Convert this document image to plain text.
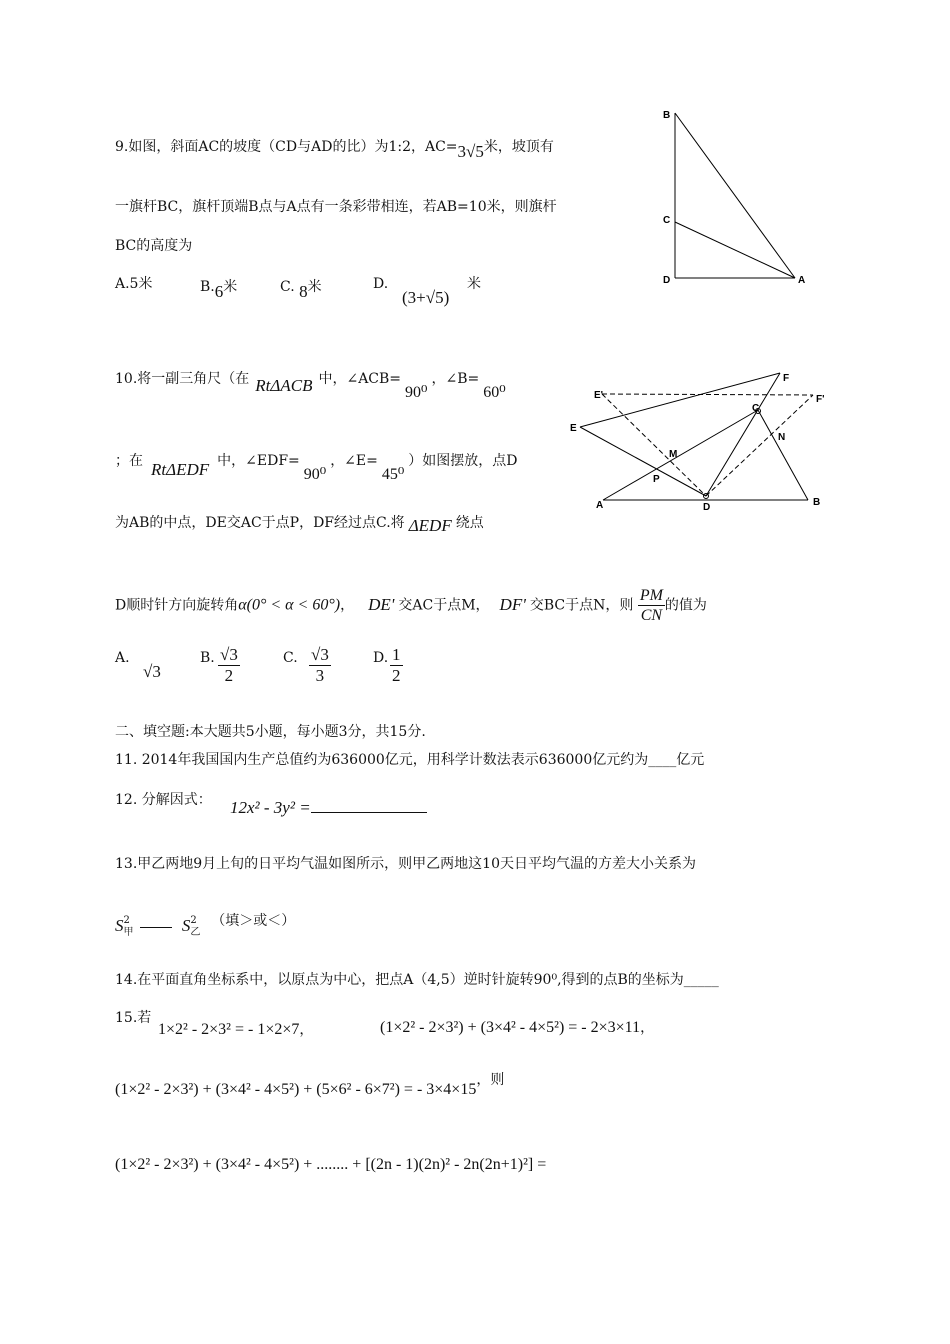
9.如图，斜面AC的坡度（CD与AD的比）为1:2，AC=3√5米，坡顶有
一旗杆BC，旗杆顶端B点与A点有一条彩带相连，若AB=10米，则旗杆
BC的高度为
A.5米	B.6米	C. 8米	D.
(3+√5)
米
B
C
D	A
10.将一副三角尺（在 RtΔACB 中，∠ACB=90⁰，∠B=60⁰
；在 RtΔEDF 中，∠EDF=90⁰，∠E=45⁰）如图摆放，点D
为AB的中点，DE交AC于点P，DF经过点C.将 ΔEDF 绕点
D顺时针方向旋转角α(0° < α < 60°)， DE' 交AC于点M， DF' 交BC于点N，则 $\frac{PM}{CN}$ 的值为
A.
√3
B. $\frac{√3}{2}$	C. $\frac{√3}{3}$	D. $\frac{1}{2}$
E'	F'
F
E
C
N
M
P
A	D	B
二、填空题:本大题共5小题，每小题3分，共15分.
11. 2014年我国国内生产总值约为636000亿元，用科学计数法表示636000亿元约为____亿元
12. 分解因式： 12x² - 3y² =
13.甲乙两地9月上旬的日平均气温如图所示，则甲乙两地这10天日平均气温的方差大小关系为
$S_甲^2$	$S_乙^2$ （填＞或＜）
14.在平面直角坐标系中，以原点为中心，把点A（4,5）逆时针旋转90⁰,得到的点B的坐标为_____
15.若
1×2² - 2×3² = - 1×2×7，	(1×2² - 2×3²) + (3×4² - 4×5²) = - 2×3×11，
(1×2² - 2×3²) + (3×4² - 4×5²) + (5×6² - 6×7²) = - 3×4×15，则
(1×2² - 2×3²) + (3×4² - 4×5²) + ........ + [(2n - 1)(2n)² - 2n(2n+1)²] =
